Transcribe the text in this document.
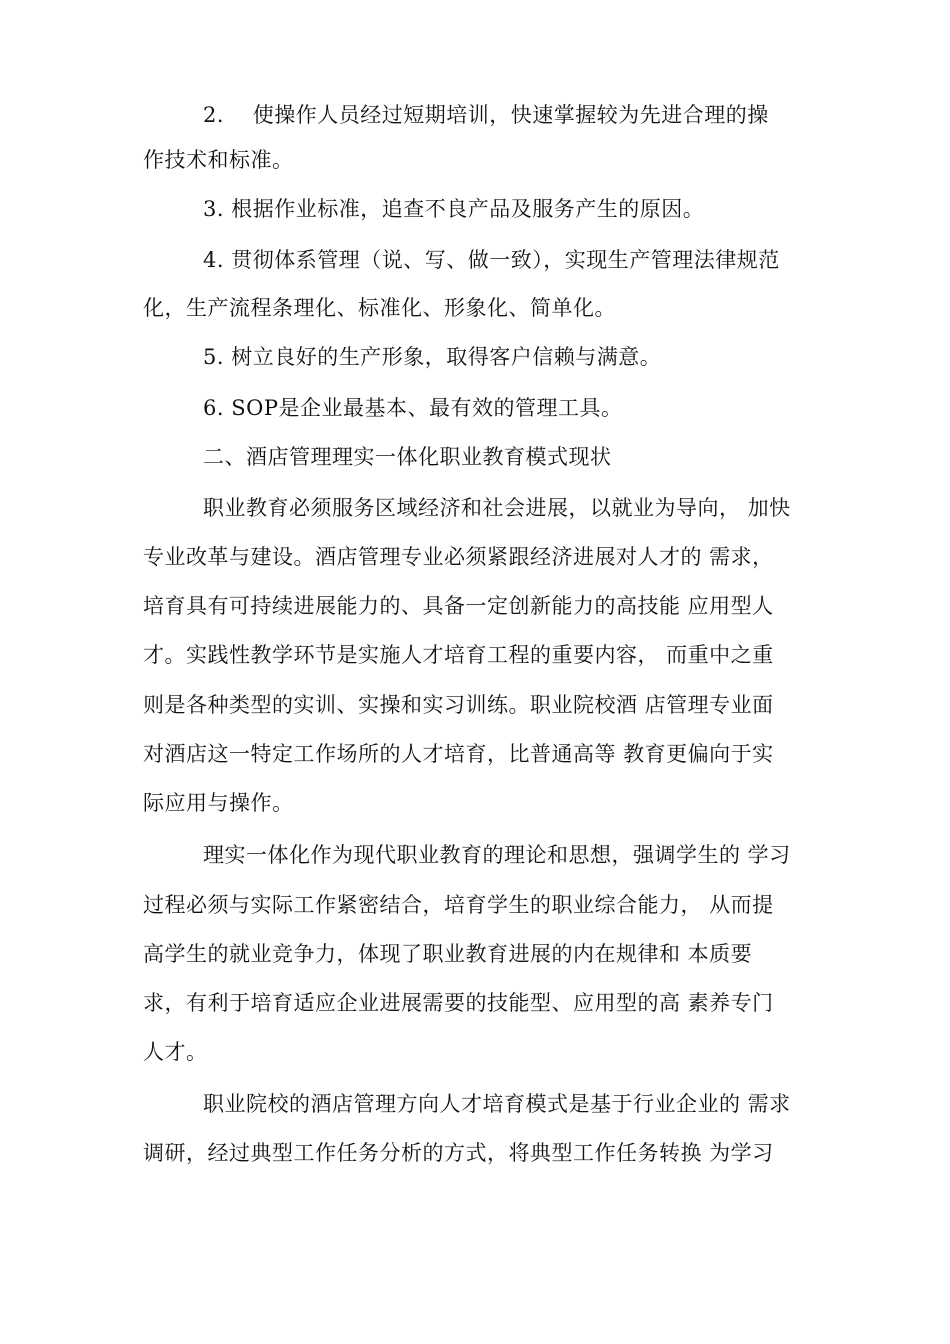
2.    使操作人员经过短期培训，快速掌握较为先进合理的操
作技术和标准。
3. 根据作业标准，追查不良产品及服务产生的原因。
4. 贯彻体系管理（说、写、做一致），实现生产管理法律规范
化，生产流程条理化、标准化、形象化、简单化。
5. 树立良好的生产形象，取得客户信赖与满意。
6. SOP是企业最基本、最有效的管理工具。
二、酒店管理理实一体化职业教育模式现状
职业教育必须服务区域经济和社会进展，以就业为导向， 加快
专业改革与建设。酒店管理专业必须紧跟经济进展对人才的 需求，
培育具有可持续进展能力的、具备一定创新能力的高技能 应用型人
才。实践性教学环节是实施人才培育工程的重要内容， 而重中之重
则是各种类型的实训、实操和实习训练。职业院校酒 店管理专业面
对酒店这一特定工作场所的人才培育，比普通高等 教育更偏向于实
际应用与操作。
理实一体化作为现代职业教育的理论和思想，强调学生的 学习
过程必须与实际工作紧密结合，培育学生的职业综合能力， 从而提
高学生的就业竞争力，体现了职业教育进展的内在规律和 本质要
求，有利于培育适应企业进展需要的技能型、应用型的高 素养专门
人才。
职业院校的酒店管理方向人才培育模式是基于行业企业的 需求
调研，经过典型工作任务分析的方式，将典型工作任务转换 为学习
